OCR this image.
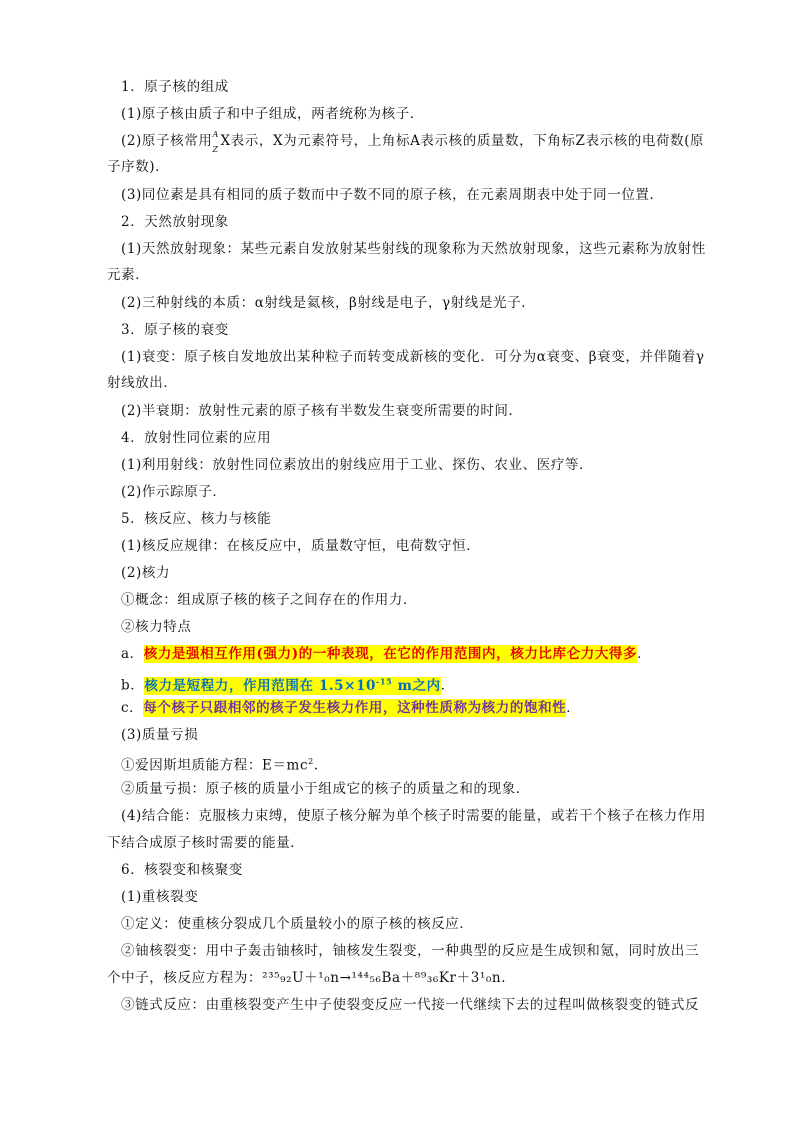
1．原子核的组成
(1)原子核由质子和中子组成，两者统称为核子．
(2)原子核常用 A
Z
X表示，X为元素符号，上角标A表示核的质量数，下角标Z表示核的电荷数(原
子序数)．
(3)同位素是具有相同的质子数而中子数不同的原子核，在元素周期表中处于同一位置．
2．天然放射现象
(1)天然放射现象：某些元素自发放射某些射线的现象称为天然放射现象，这些元素称为放射性
元素．
(2)三种射线的本质：α射线是氦核，β射线是电子，γ射线是光子．
3．原子核的衰变
(1)衰变：原子核自发地放出某种粒子而转变成新核的变化．可分为α衰变、β衰变，并伴随着γ
射线放出．
(2)半衰期：放射性元素的原子核有半数发生衰变所需要的时间．
4．放射性同位素的应用
(1)利用射线：放射性同位素放出的射线应用于工业、探伤、农业、医疗等．
(2)作示踪原子．
5．核反应、核力与核能
(1)核反应规律：在核反应中，质量数守恒，电荷数守恒．
(2)核力
①概念：组成原子核的核子之间存在的作用力．
②核力特点
a．核力是强相互作用(强力)的一种表现，在它的作用范围内，核力比库仑力大得多．
b．核力是短程力，作用范围在 $1.5\times 10^{-15}$ m之内．
c．每个核子只跟相邻的核子发生核力作用，这种性质称为核力的饱和性．
(3)质量亏损
①爱因斯坦质能方程：$E=mc^2$.
②质量亏损：原子核的质量小于组成它的核子的质量之和的现象．
(4)结合能：克服核力束缚，使原子核分解为单个核子时需要的能量，或若干个核子在核力作用
下结合成原子核时需要的能量．
6．核裂变和核聚变
(1)重核裂变
①定义：使重核分裂成几个质量较小的原子核的核反应．
②铀核裂变：用中子轰击铀核时，铀核发生裂变，一种典型的反应是生成钡和氪，同时放出三
个中子，核反应方程为：²³⁵₉₂U＋¹₀n→¹⁴⁴₅₆Ba＋⁸⁹₃₆Kr＋3¹₀n.
③链式反应：由重核裂变产生中子使裂变反应一代接一代继续下去的过程叫做核裂变的链式反
